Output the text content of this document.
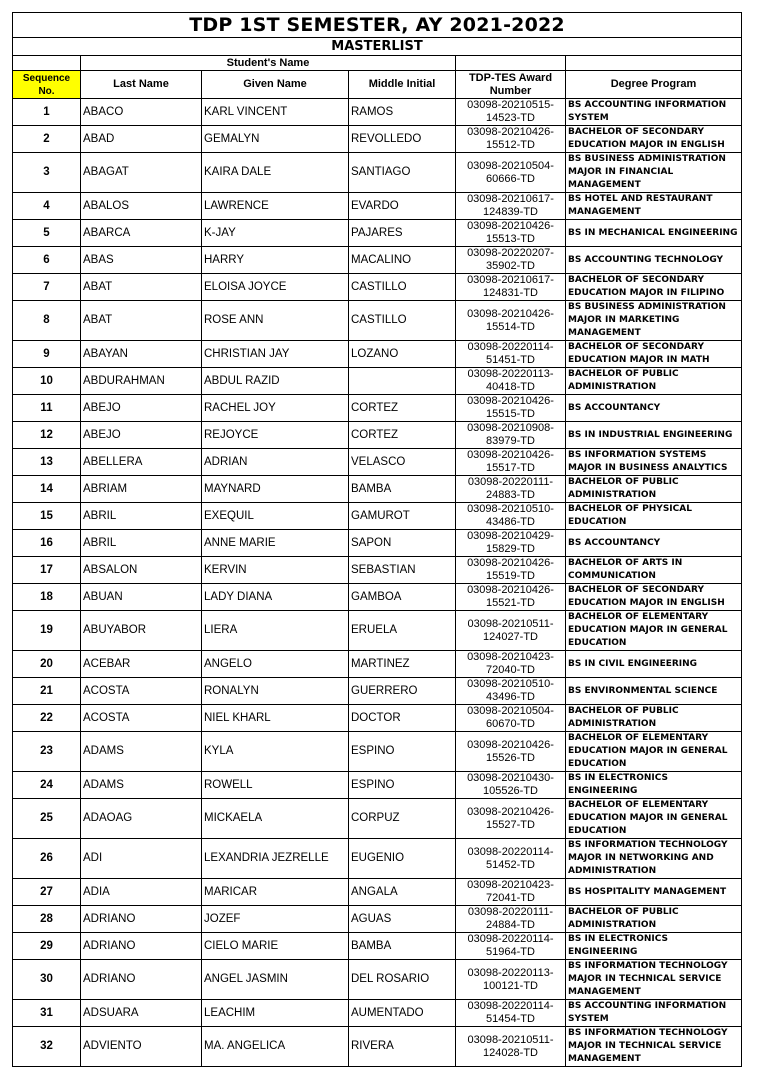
TDP 1ST SEMESTER, AY 2021-2022					
MASTERLIST					
	Student's Name				
Sequence No.	Last Name	Given Name	Middle Initial	TDP-TES Award Number	Degree Program
1	ABACO	KARL VINCENT	RAMOS	03098-20210515-14523-TD	BS ACCOUNTING INFORMATION SYSTEM
2	ABAD	GEMALYN	REVOLLEDO	03098-20210426-15512-TD	BACHELOR OF SECONDARY EDUCATION MAJOR IN ENGLISH
3	ABAGAT	KAIRA DALE	SANTIAGO	03098-20210504-60666-TD	BS BUSINESS ADMINISTRATION MAJOR IN FINANCIAL MANAGEMENT
4	ABALOS	LAWRENCE	EVARDO	03098-20210617-124839-TD	BS HOTEL AND RESTAURANT MANAGEMENT
5	ABARCA	K-JAY	PAJARES	03098-20210426-15513-TD	BS IN MECHANICAL ENGINEERING
6	ABAS	HARRY	MACALINO	03098-20220207-35902-TD	BS ACCOUNTING TECHNOLOGY
7	ABAT	ELOISA JOYCE	CASTILLO	03098-20210617-124831-TD	BACHELOR OF SECONDARY EDUCATION MAJOR IN FILIPINO
8	ABAT	ROSE ANN	CASTILLO	03098-20210426-15514-TD	BS BUSINESS ADMINISTRATION MAJOR IN MARKETING MANAGEMENT
9	ABAYAN	CHRISTIAN JAY	LOZANO	03098-20220114-51451-TD	BACHELOR OF SECONDARY EDUCATION MAJOR IN MATH
10	ABDURAHMAN	ABDUL RAZID		03098-20220113-40418-TD	BACHELOR OF PUBLIC ADMINISTRATION
11	ABEJO	RACHEL JOY	CORTEZ	03098-20210426-15515-TD	BS ACCOUNTANCY
12	ABEJO	REJOYCE	CORTEZ	03098-20210908-83979-TD	BS IN INDUSTRIAL ENGINEERING
13	ABELLERA	ADRIAN	VELASCO	03098-20210426-15517-TD	BS INFORMATION SYSTEMS MAJOR IN BUSINESS ANALYTICS
14	ABRIAM	MAYNARD	BAMBA	03098-20220111-24883-TD	BACHELOR OF PUBLIC ADMINISTRATION
15	ABRIL	EXEQUIL	GAMUROT	03098-20210510-43486-TD	BACHELOR OF PHYSICAL EDUCATION
16	ABRIL	ANNE MARIE	SAPON	03098-20210429-15829-TD	BS ACCOUNTANCY
17	ABSALON	KERVIN	SEBASTIAN	03098-20210426-15519-TD	BACHELOR OF ARTS IN COMMUNICATION
18	ABUAN	LADY DIANA	GAMBOA	03098-20210426-15521-TD	BACHELOR OF SECONDARY EDUCATION MAJOR IN ENGLISH
19	ABUYABOR	LIERA	ERUELA	03098-20210511-124027-TD	BACHELOR OF ELEMENTARY EDUCATION MAJOR IN GENERAL EDUCATION
20	ACEBAR	ANGELO	MARTINEZ	03098-20210423-72040-TD	BS IN CIVIL ENGINEERING
21	ACOSTA	RONALYN	GUERRERO	03098-20210510-43496-TD	BS ENVIRONMENTAL SCIENCE
22	ACOSTA	NIEL KHARL	DOCTOR	03098-20210504-60670-TD	BACHELOR OF PUBLIC ADMINISTRATION
23	ADAMS	KYLA	ESPINO	03098-20210426-15526-TD	BACHELOR OF ELEMENTARY EDUCATION MAJOR IN GENERAL EDUCATION
24	ADAMS	ROWELL	ESPINO	03098-20210430-105526-TD	BS IN ELECTRONICS ENGINEERING
25	ADAOAG	MICKAELA	CORPUZ	03098-20210426-15527-TD	BACHELOR OF ELEMENTARY EDUCATION MAJOR IN GENERAL EDUCATION
26	ADI	LEXANDRIA JEZRELLE	EUGENIO	03098-20220114-51452-TD	BS INFORMATION TECHNOLOGY MAJOR IN NETWORKING AND ADMINISTRATION
27	ADIA	MARICAR	ANGALA	03098-20210423-72041-TD	BS HOSPITALITY MANAGEMENT
28	ADRIANO	JOZEF	AGUAS	03098-20220111-24884-TD	BACHELOR OF PUBLIC ADMINISTRATION
29	ADRIANO	CIELO MARIE	BAMBA	03098-20220114-51964-TD	BS IN ELECTRONICS ENGINEERING
30	ADRIANO	ANGEL JASMIN	DEL ROSARIO	03098-20220113-100121-TD	BS INFORMATION TECHNOLOGY MAJOR IN TECHNICAL SERVICE MANAGEMENT
31	ADSUARA	LEACHIM	AUMENTADO	03098-20220114-51454-TD	BS ACCOUNTING INFORMATION SYSTEM
32	ADVIENTO	MA. ANGELICA	RIVERA	03098-20210511-124028-TD	BS INFORMATION TECHNOLOGY MAJOR IN TECHNICAL SERVICE MANAGEMENT
